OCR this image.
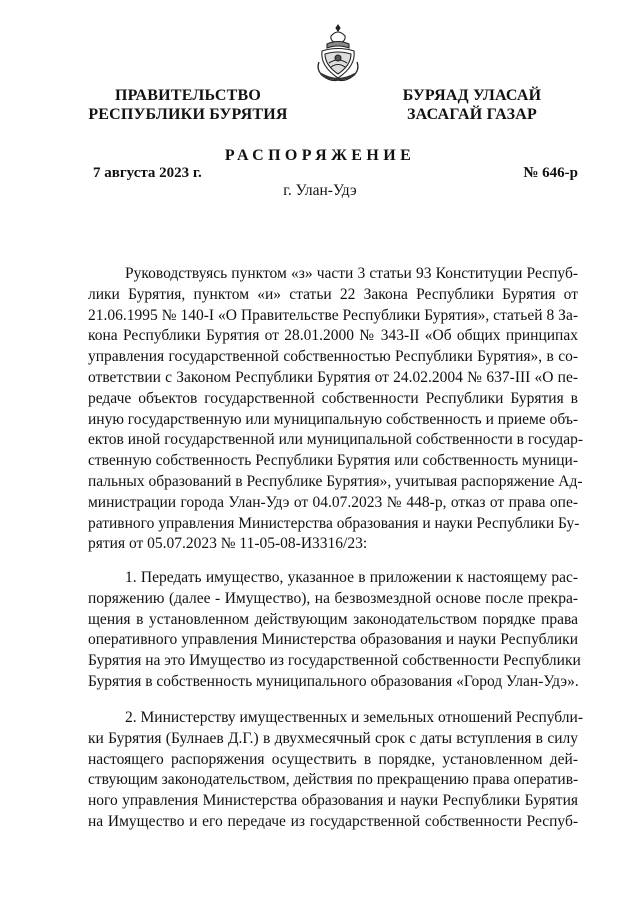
ПРАВИТЕЛЬСТВО
РЕСПУБЛИКИ БУРЯТИЯ
БУРЯАД УЛАСАЙ
ЗАСАГАЙ ГАЗАР
РАСПОРЯЖЕНИЕ
7 августа 2023 г.	№ 646-р
г. Улан-Удэ
Руководствуясь пунктом «з» части 3 статьи 93 Конституции Респуб-
лики Бурятия, пунктом «и» статьи 22 Закона Республики Бурятия от
21.06.1995 № 140-I «О Правительстве Республики Бурятия», статьей 8 За-
кона Республики Бурятия от 28.01.2000 № 343-II «Об общих принципах
управления государственной собственностью Республики Бурятия», в со-
ответствии с Законом Республики Бурятия от 24.02.2004 № 637-III «О пе-
редаче объектов государственной собственности Республики Бурятия в
иную государственную или муниципальную собственность и приеме объ-
ектов иной государственной или муниципальной собственности в государ-
ственную собственность Республики Бурятия или собственность муници-
пальных образований в Республике Бурятия», учитывая распоряжение Ад-
министрации города Улан-Удэ от 04.07.2023 № 448-р, отказ от права опе-
ративного управления Министерства образования и науки Республики Бу-
рятия от 05.07.2023 № 11-05-08-И3316/23:
1. Передать имущество, указанное в приложении к настоящему рас-
поряжению (далее - Имущество), на безвозмездной основе после прекра-
щения в установленном действующим законодательством порядке права
оперативного управления Министерства образования и науки Республики
Бурятия на это Имущество из государственной собственности Республики
Бурятия в собственность муниципального образования «Город Улан-Удэ».
2. Министерству имущественных и земельных отношений Республи-
ки Бурятия (Булнаев Д.Г.) в двухмесячный срок с даты вступления в силу
настоящего распоряжения осуществить в порядке, установленном дей-
ствующим законодательством, действия по прекращению права оператив-
ного управления Министерства образования и науки Республики Бурятия
на Имущество и его передаче из государственной собственности Респуб-
